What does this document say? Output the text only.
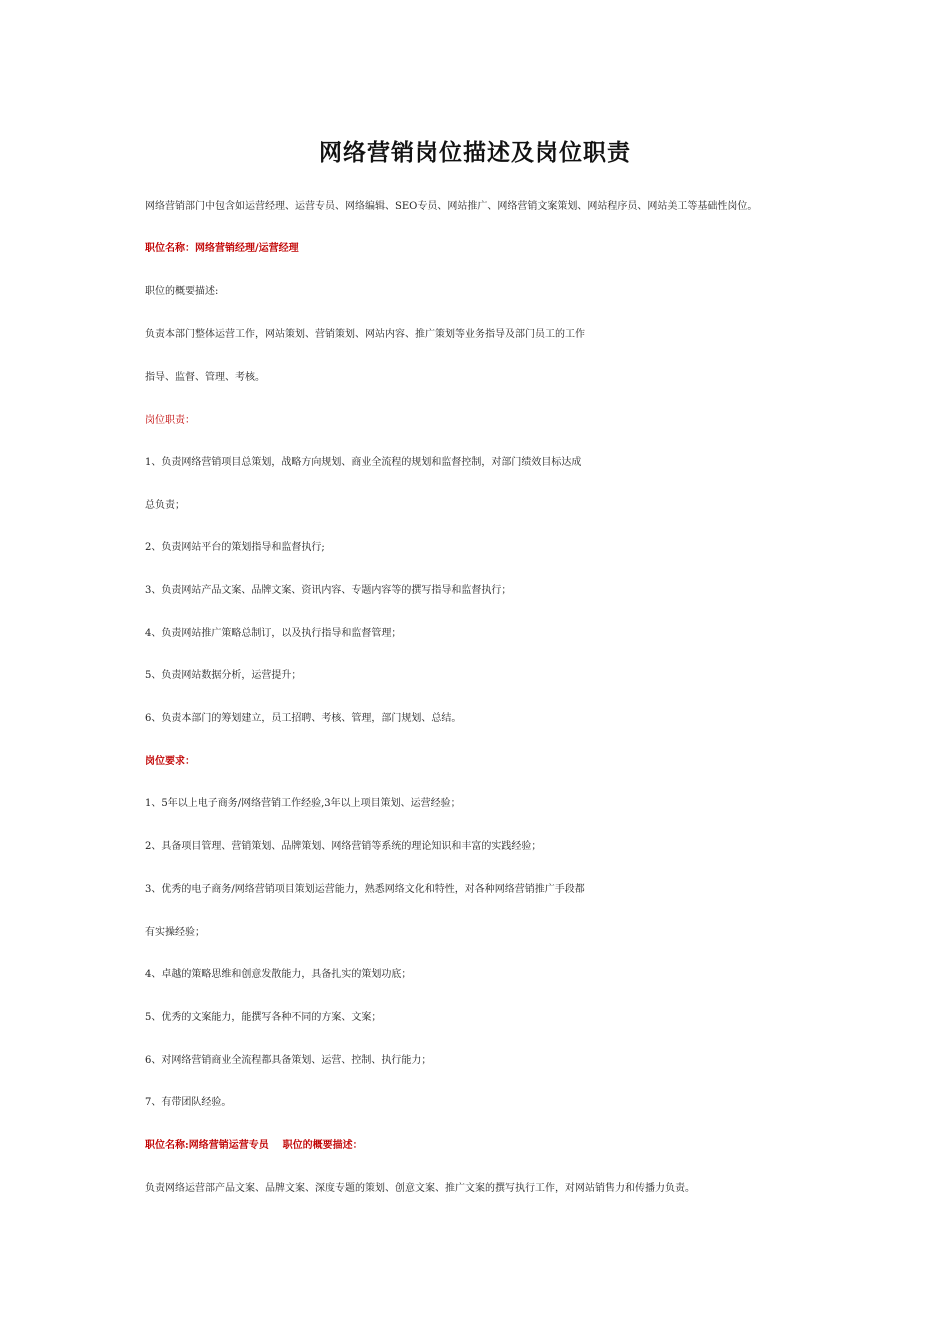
网络营销岗位描述及岗位职责
网络营销部门中包含如运营经理、运营专员、网络编辑、SEO专员、网站推广、网络营销文案策划、网站程序员、网站美工等基础性岗位。
职位名称：网络营销经理/运营经理
职位的概要描述:
负责本部门整体运营工作，网站策划、营销策划、网站内容、推广策划等业务指导及部门员工的工作
指导、监督、管理、考核。
岗位职责：
1、负责网络营销项目总策划，战略方向规划、商业全流程的规划和监督控制，对部门绩效目标达成
总负责；
2、负责网站平台的策划指导和监督执行;
3、负责网站产品文案、品牌文案、资讯内容、专题内容等的撰写指导和监督执行；
4、负责网站推广策略总制订，以及执行指导和监督管理；
5、负责网站数据分析，运营提升；
6、负责本部门的筹划建立，员工招聘、考核、管理，部门规划、总结。
岗位要求：
1、5年以上电子商务/网络营销工作经验,3年以上项目策划、运营经验；
2、具备项目管理、营销策划、品牌策划、网络营销等系统的理论知识和丰富的实践经验；
3、优秀的电子商务/网络营销项目策划运营能力，熟悉网络文化和特性，对各种网络营销推广手段都
有实操经验；
4、卓越的策略思维和创意发散能力，具备扎实的策划功底；
5、优秀的文案能力，能撰写各种不同的方案、文案；
6、对网络营销商业全流程都具备策划、运营、控制、执行能力；
7、有带团队经验。
职位名称:网络营销运营专员    职位的概要描述：
负责网络运营部产品文案、品牌文案、深度专题的策划、创意文案、推广文案的撰写执行工作，对网站销售力和传播力负责。
